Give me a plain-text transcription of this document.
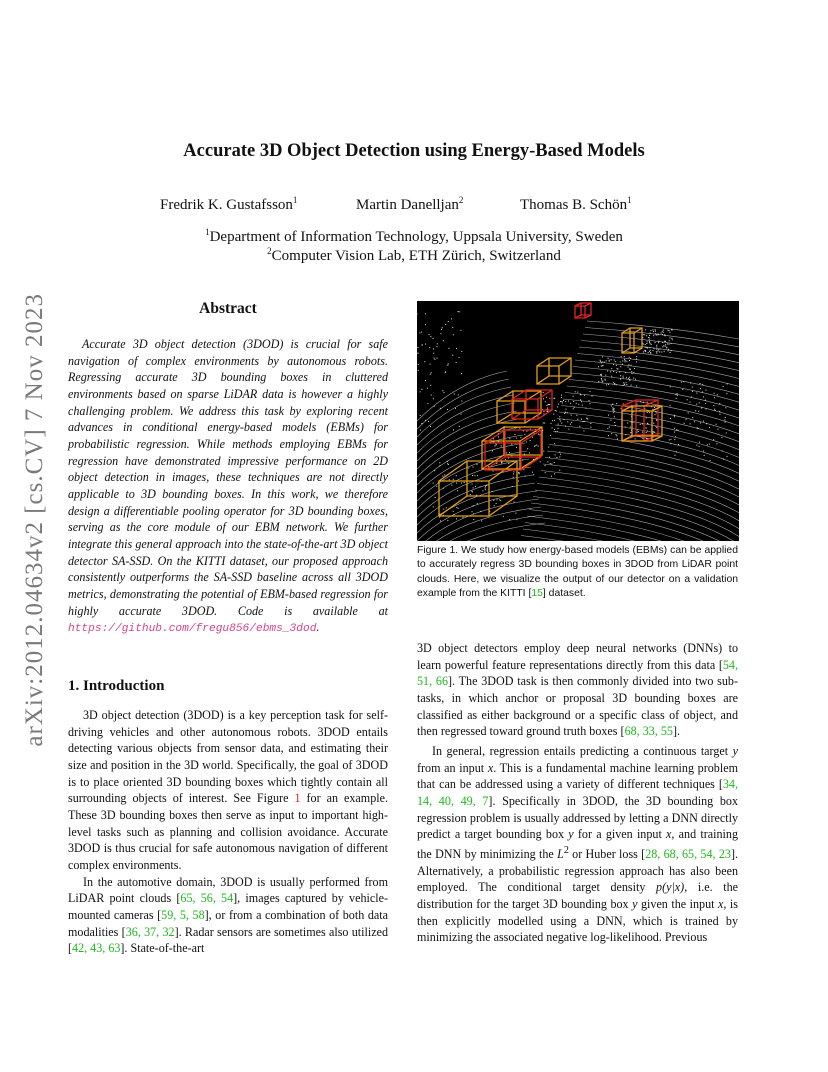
arXiv:2012.04634v2 [cs.CV] 7 Nov 2023
Accurate 3D Object Detection using Energy-Based Models
Fredrik K. Gustafsson$^1$	Martin Danelljan$^2$	Thomas B. Schön$^1$
$^1$Department of Information Technology, Uppsala University, Sweden
$^2$Computer Vision Lab, ETH Zürich, Switzerland
Abstract

Accurate 3D object detection (3DOD) is crucial for safe navigation of complex environments by autonomous robots. Regressing accurate 3D bounding boxes in cluttered environments based on sparse LiDAR data is however a highly challenging problem. We address this task by exploring recent advances in conditional energy-based models (EBMs) for probabilistic regression. While methods employing EBMs for regression have demonstrated impressive performance on 2D object detection in images, these techniques are not directly applicable to 3D bounding boxes. In this work, we therefore design a differentiable pooling operator for 3D bounding boxes, serving as the core module of our EBM network. We further integrate this general approach into the state-of-the-art 3D object detector SA-SSD. On the KITTI dataset, our proposed approach consistently outperforms the SA-SSD baseline across all 3DOD metrics, demonstrating the potential of EBM-based regression for highly accurate 3DOD. Code is available at https://github.com/fregu856/ebms_3dod.

1. Introduction

3D object detection (3DOD) is a key perception task for self-driving vehicles and other autonomous robots. 3DOD entails detecting various objects from sensor data, and estimating their size and position in the 3D world. Specifically, the goal of 3DOD is to place oriented 3D bounding boxes which tightly contain all surrounding objects of interest. See Figure 1 for an example. These 3D bounding boxes then serve as input to important high-level tasks such as planning and collision avoidance. Accurate 3DOD is thus crucial for safe autonomous navigation of different complex environments.

In the automotive domain, 3DOD is usually performed from LiDAR point clouds [65, 56, 54], images captured by vehicle-mounted cameras [59, 5, 58], or from a combination of both data modalities [36, 37, 32]. Radar sensors are sometimes also utilized [42, 43, 63]. State-of-the-art

Figure 1. We study how energy-based models (EBMs) can be applied to accurately regress 3D bounding boxes in 3DOD from LiDAR point clouds. Here, we visualize the output of our detector on a validation example from the KITTI [15] dataset.

3D object detectors employ deep neural networks (DNNs) to learn powerful feature representations directly from this data [54, 51, 66]. The 3DOD task is then commonly divided into two sub-tasks, in which anchor or proposal 3D bounding boxes are classified as either background or a specific class of object, and then regressed toward ground truth boxes [68, 33, 55].

In general, regression entails predicting a continuous target y from an input x. This is a fundamental machine learning problem that can be addressed using a variety of different techniques [34, 14, 40, 49, 7]. Specifically in 3DOD, the 3D bounding box regression problem is usually addressed by letting a DNN directly predict a target bounding box y for a given input x, and training the DNN by minimizing the $L^2$ or Huber loss [28, 68, 65, 54, 23]. Alternatively, a probabilistic regression approach has also been employed. The conditional target density p(y|x), i.e. the distribution for the target 3D bounding box y given the input x, is then explicitly modelled using a DNN, which is trained by minimizing the associated negative log-likelihood. Previous
